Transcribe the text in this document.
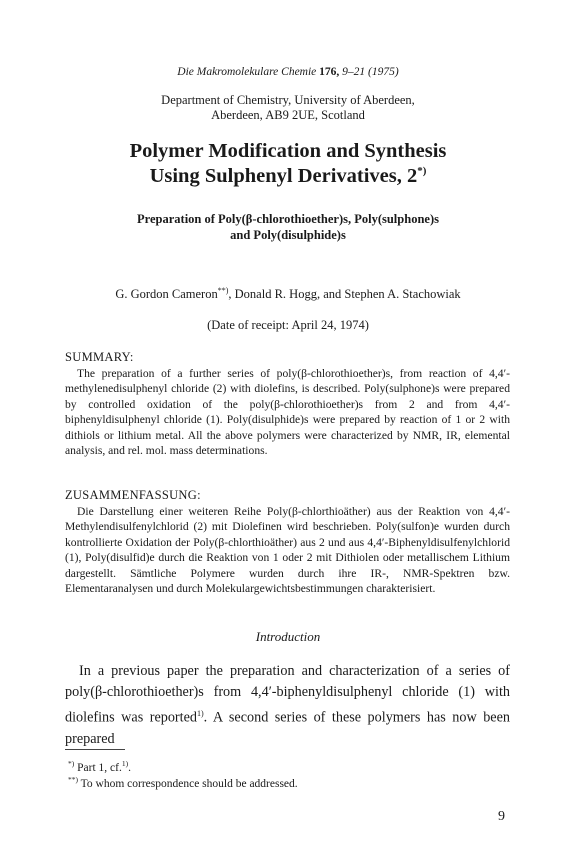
Die Makromolekulare Chemie 176, 9–21 (1975)
Department of Chemistry, University of Aberdeen,
Aberdeen, AB9 2UE, Scotland
Polymer Modification and Synthesis
Using Sulphenyl Derivatives, 2*)
Preparation of Poly(β-chlorothioether)s, Poly(sulphone)s
and Poly(disulphide)s
G. Gordon Cameron**), Donald R. Hogg, and Stephen A. Stachowiak
(Date of receipt: April 24, 1974)
SUMMARY:

The preparation of a further series of poly(β-chlorothioether)s, from reaction of 4,4′-methylenedisulphenyl chloride (2) with diolefins, is described. Poly(sulphone)s were prepared by controlled oxidation of the poly(β-chlorothioether)s from 2 and from 4,4′-biphenyldisulphenyl chloride (1). Poly(disulphide)s were prepared by reaction of 1 or 2 with dithiols or lithium metal. All the above polymers were characterized by NMR, IR, elemental analysis, and rel. mol. mass determinations.

ZUSAMMENFASSUNG:

Die Darstellung einer weiteren Reihe Poly(β-chlorthioäther) aus der Reaktion von 4,4′-Methylendisulfenylchlorid (2) mit Diolefinen wird beschrieben. Poly(sulfon)e wurden durch kontrollierte Oxidation der Poly(β-chlorthioäther) aus 2 und aus 4,4′-Biphenyldisulfenylchlorid (1), Poly(disulfid)e durch die Reaktion von 1 oder 2 mit Dithiolen oder metallischem Lithium dargestellt. Sämtliche Polymere wurden durch ihre IR-, NMR-Spektren bzw. Elementaranalysen und durch Molekulargewichtsbestimmungen charakterisiert.

Introduction

In a previous paper the preparation and characterization of a series of poly(β-chlorothioether)s from 4,4′-biphenyldisulphenyl chloride (1) with diolefins was reported$^{1)}$. A second series of these polymers has now been prepared

*) Part 1, cf.$^{1)}$.
**) To whom correspondence should be addressed.
9
